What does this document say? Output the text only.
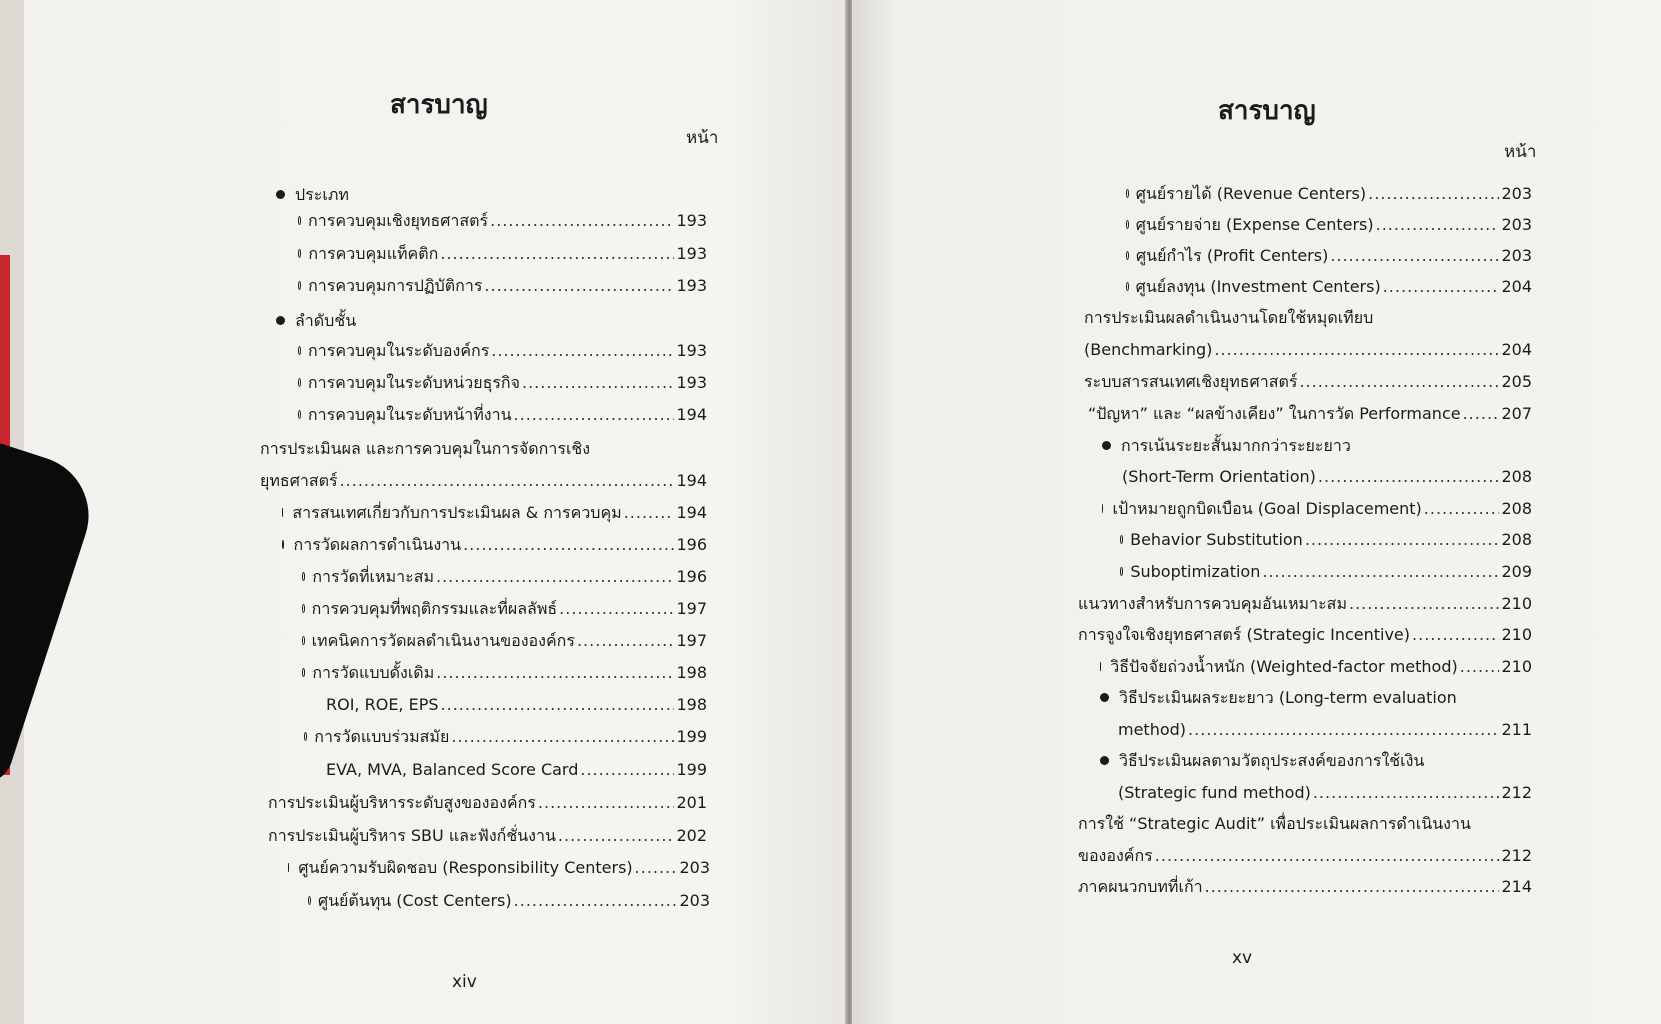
สารบาญ
หน้า
ประเภท
การควบคุมเชิงยุทธศาสตร์ .....	193
การควบคุมแท็คติก .....	193
การควบคุมการปฏิบัติการ .....	193
ลำดับชั้น
การควบคุมในระดับองค์กร .....	193
การควบคุมในระดับหน่วยธุรกิจ .....	193
การควบคุมในระดับหน้าที่งาน .....	194
การประเมินผล และการควบคุมในการจัดการเชิง
ยุทธศาสตร์ .....	194
สารสนเทศเกี่ยวกับการประเมินผล & การควบคุม .....	194
การวัดผลการดำเนินงาน .....	196
การวัดที่เหมาะสม .....	196
การควบคุมที่พฤติกรรมและที่ผลลัพธ์ .....	197
เทคนิคการวัดผลดำเนินงานขององค์กร .....	197
การวัดแบบดั้งเดิม .....	198
ROI, ROE, EPS .....	198
การวัดแบบร่วมสมัย .....	199
EVA, MVA, Balanced Score Card .....	199
การประเมินผู้บริหารระดับสูงขององค์กร .....	201
การประเมินผู้บริหาร SBU และฟังก์ชั่นงาน .....	202
ศูนย์ความรับผิดชอบ (Responsibility Centers) .....	203
ศูนย์ต้นทุน (Cost Centers) .....	203
xiv
สารบาญ
หน้า
ศูนย์รายได้ (Revenue Centers) .....	203
ศูนย์รายจ่าย (Expense Centers) .....	203
ศูนย์กำไร (Profit Centers) .....	203
ศูนย์ลงทุน (Investment Centers) .....	204
การประเมินผลดำเนินงานโดยใช้หมุดเทียบ
(Benchmarking) .....	204
ระบบสารสนเทศเชิงยุทธศาสตร์ .....	205
“ปัญหา” และ “ผลข้างเคียง” ในการวัด Performance .....	207
การเน้นระยะสั้นมากกว่าระยะยาว
(Short-Term Orientation) .....	208
เป้าหมายถูกบิดเบือน (Goal Displacement) .....	208
Behavior Substitution .....	208
Suboptimization .....	209
แนวทางสำหรับการควบคุมอันเหมาะสม .....	210
การจูงใจเชิงยุทธศาสตร์ (Strategic Incentive) .....	210
วิธีปัจจัยถ่วงน้ำหนัก (Weighted-factor method) .....	210
วิธีประเมินผลระยะยาว (Long-term evaluation
method) .....	211
วิธีประเมินผลตามวัตถุประสงค์ของการใช้เงิน
(Strategic fund method) .....	212
การใช้ “Strategic Audit” เพื่อประเมินผลการดำเนินงาน
ขององค์กร .....	212
ภาคผนวกบทที่เก้า .....	214
xv
